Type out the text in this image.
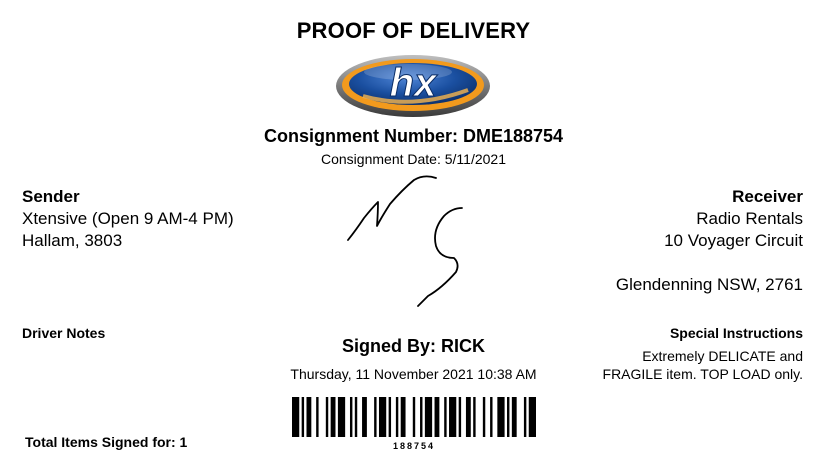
PROOF OF DELIVERY
hx
Consignment Number: DME188754
Consignment Date: 5/11/2021
Sender
Xtensive (Open 9 AM-4 PM)
Hallam, 3803
Receiver
Radio Rentals
10 Voyager Circuit
Glendenning NSW, 2761
Driver Notes
Signed By: RICK
Thursday, 11 November 2021 10:38 AM
Special Instructions
Extremely DELICATE and
FRAGILE item. TOP LOAD only.
Total Items Signed for: 1	188754
